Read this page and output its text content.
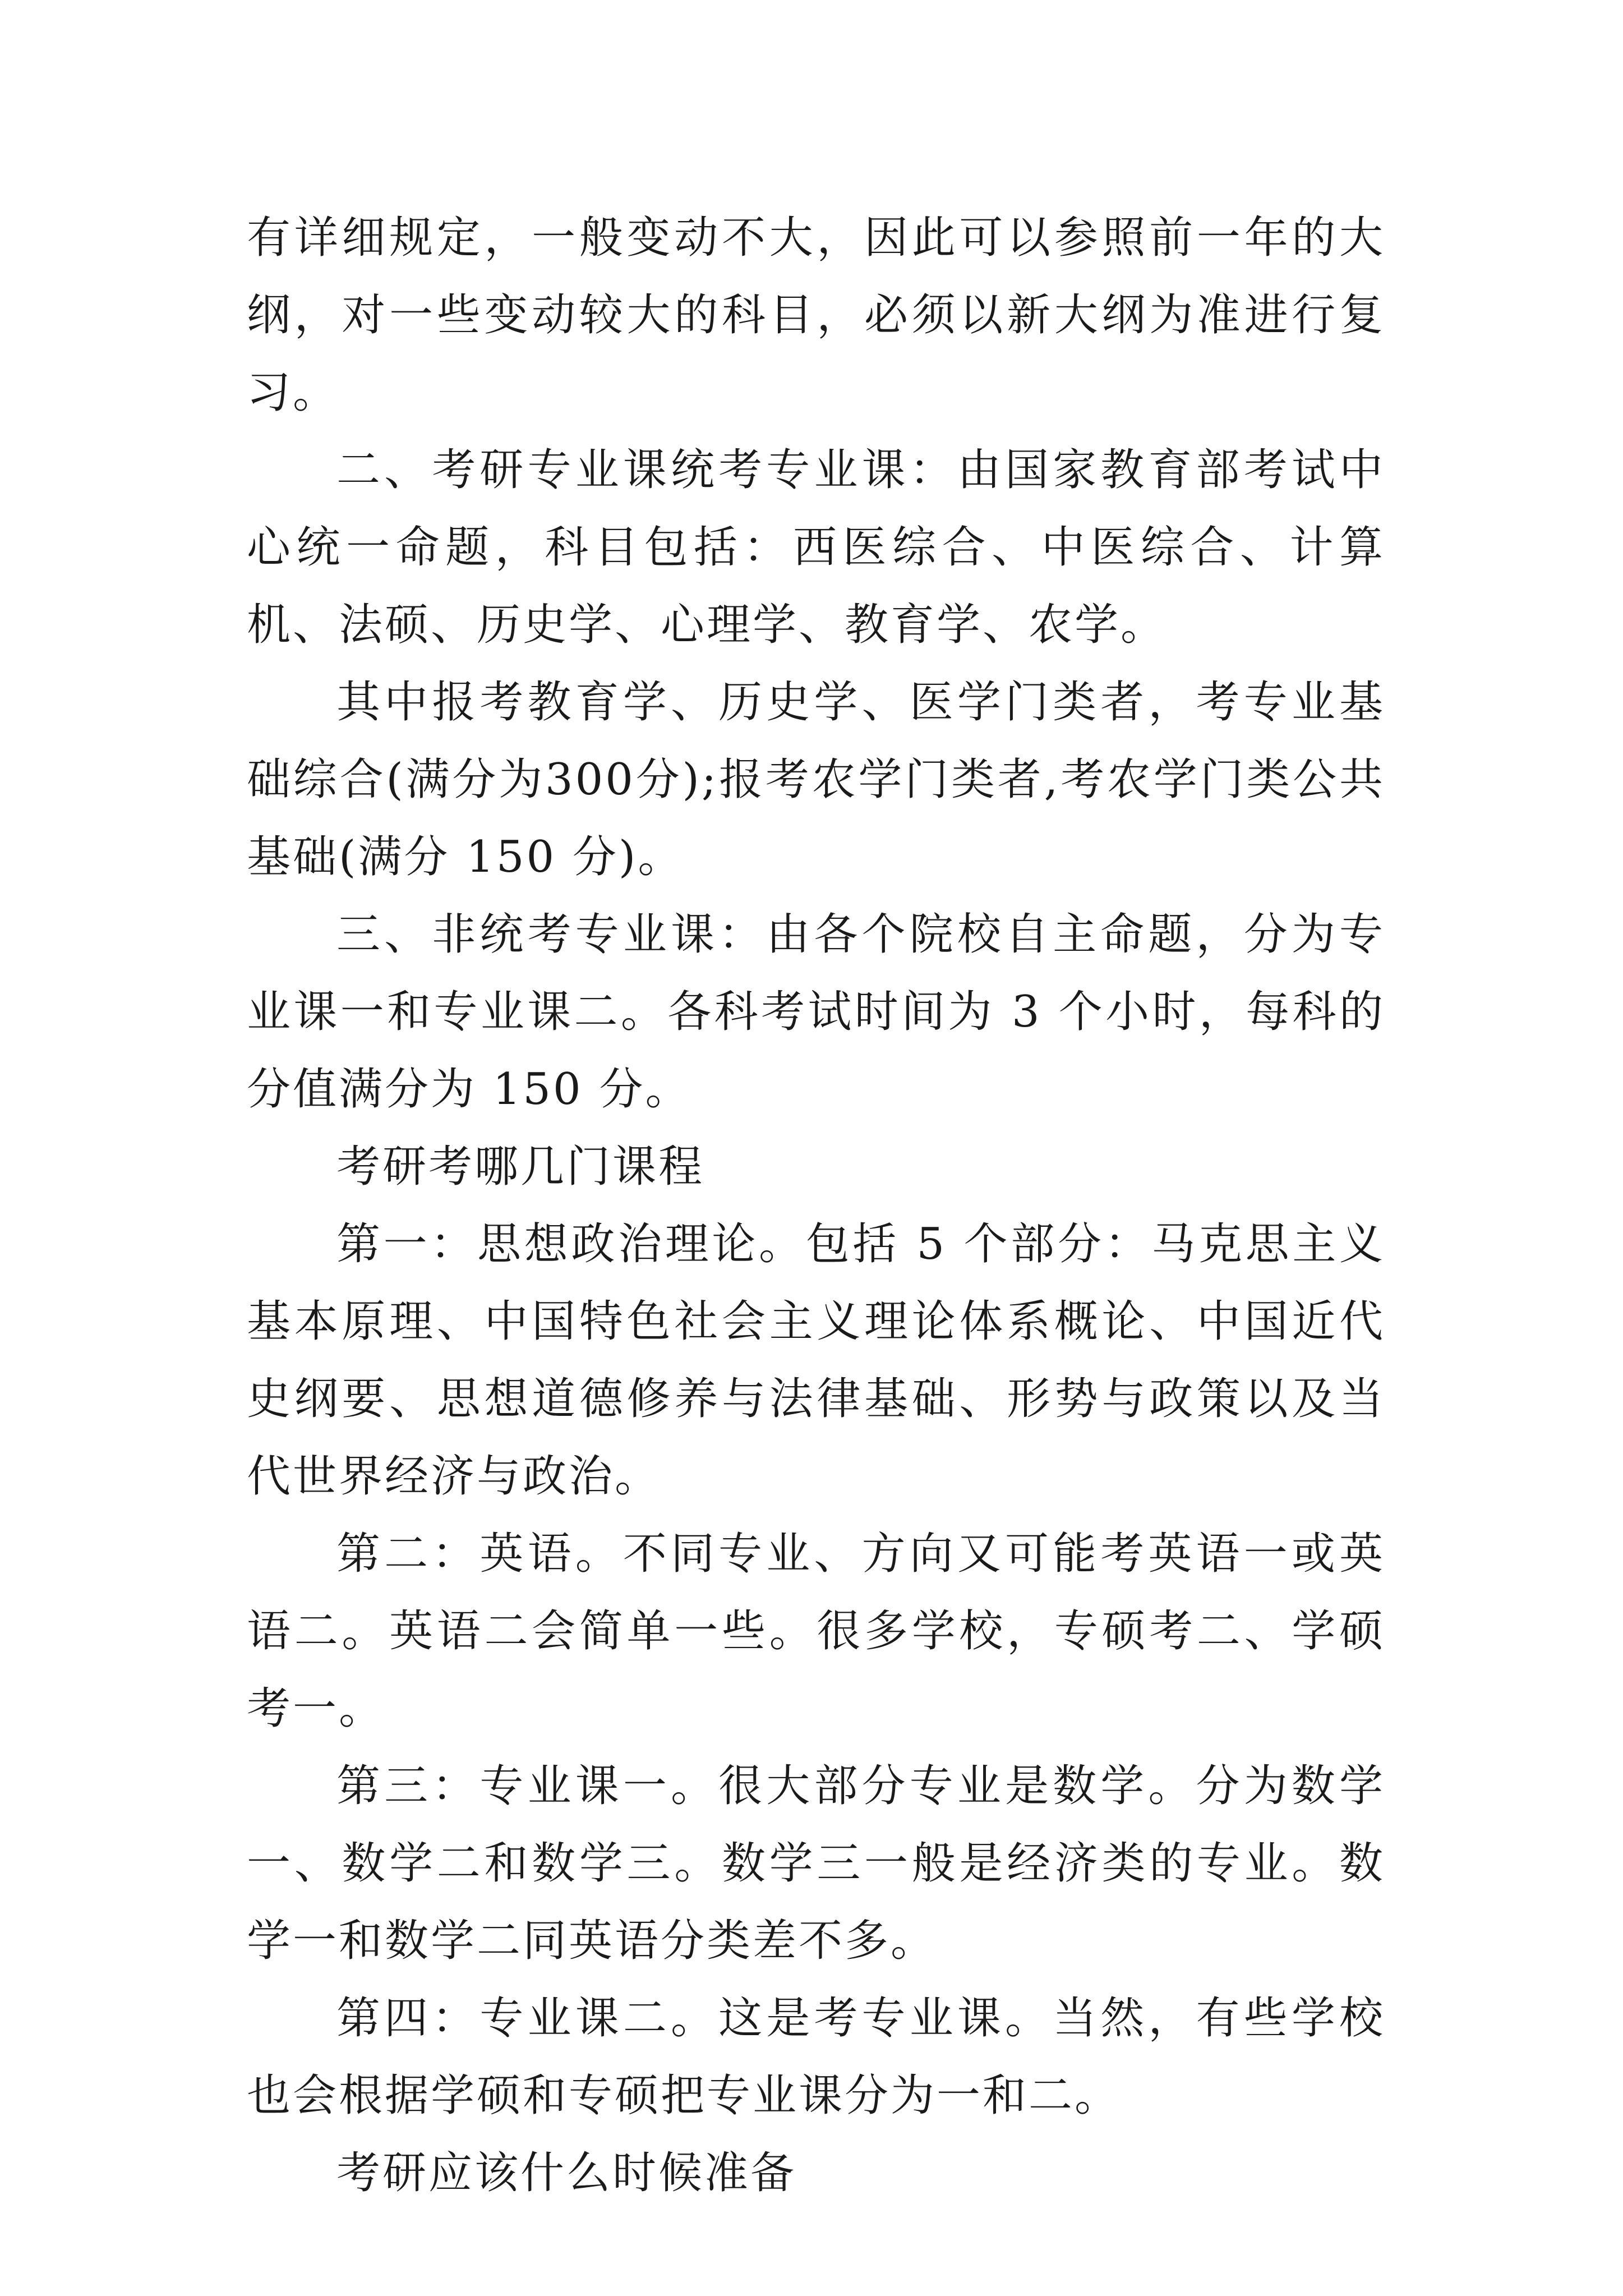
有详细规定，一般变动不大，因此可以参照前一年的大纲，对一些变动较大的科目，必须以新大纲为准进行复习。

二、考研专业课统考专业课：由国家教育部考试中心统一命题，科目包括：西医综合、中医综合、计算机、法硕、历史学、心理学、教育学、农学。

其中报考教育学、历史学、医学门类者，考专业基础综合(满分为300分);报考农学门类者,考农学门类公共基础(满分 150 分)。

三、非统考专业课：由各个院校自主命题，分为专业课一和专业课二。各科考试时间为 3 个小时，每科的分值满分为 150 分。

考研考哪几门课程

第一：思想政治理论。包括 5 个部分：马克思主义基本原理、中国特色社会主义理论体系概论、中国近代史纲要、思想道德修养与法律基础、形势与政策以及当代世界经济与政治。

第二：英语。不同专业、方向又可能考英语一或英语二。英语二会简单一些。很多学校，专硕考二、学硕考一。

第三：专业课一。很大部分专业是数学。分为数学一、数学二和数学三。数学三一般是经济类的专业。数学一和数学二同英语分类差不多。

第四：专业课二。这是考专业课。当然，有些学校也会根据学硕和专硕把专业课分为一和二。

考研应该什么时候准备
